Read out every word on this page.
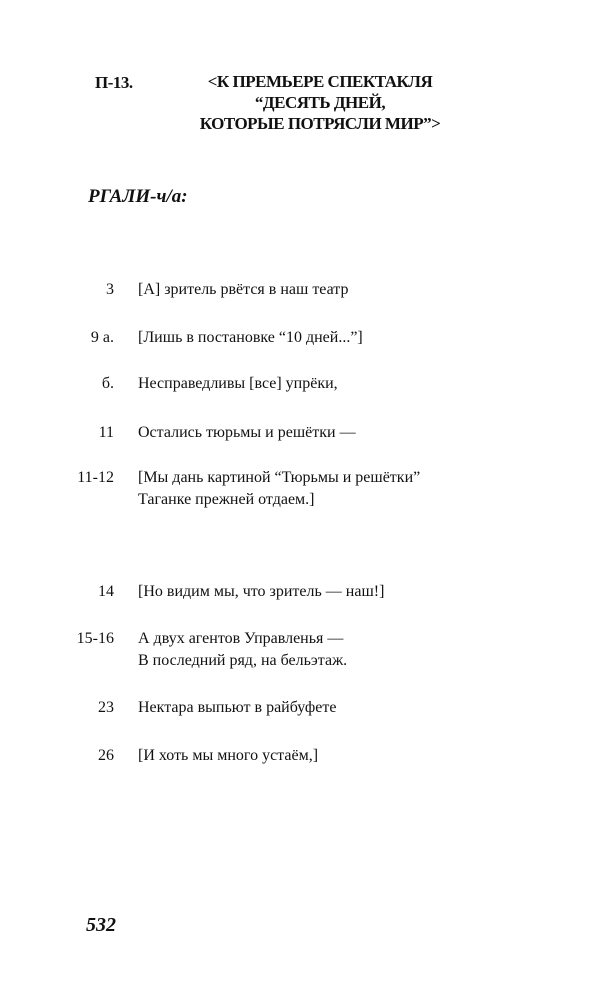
П-13.	<К ПРЕМЬЕРЕ СПЕКТАКЛЯ
“ДЕСЯТЬ ДНЕЙ,
КОТОРЫЕ ПОТРЯСЛИ МИР”>
РГАЛИ-ч/а:
3 [А] зритель рвётся в наш театр
9 а. [Лишь в постановке “10 дней...”]
б. Несправедливы [все] упрёки,
11 Остались тюрьмы и решётки —
11-12 [Мы дань картиной “Тюрьмы и решётки”
Таганке прежней отдаем.]
14 [Но видим мы, что зритель — наш!]
15-16 А двух агентов Управленья —
В последний ряд, на бельэтаж.
23 Нектара выпьют в райбуфете
26 [И хоть мы много устаём,]
532
